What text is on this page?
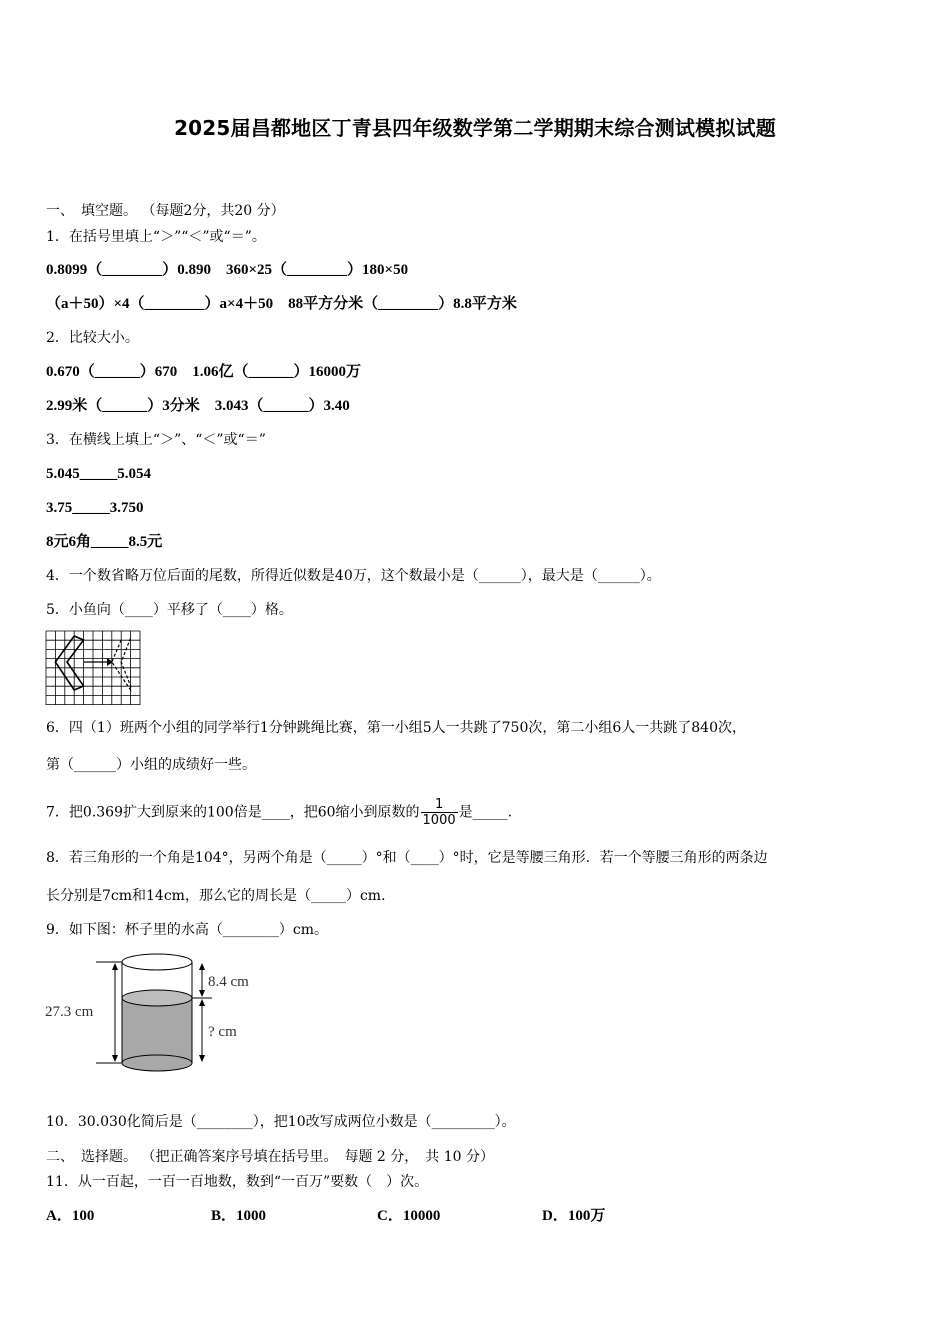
2025届昌都地区丁青县四年级数学第二学期期末综合测试模拟试题
一、　填空题。 （每题2分，共20 分）
1．在括号里填上“＞”“＜”或“＝”。
0.8099（________）0.890　360×25（________）180×50
（a＋50）×4（________）a×4＋50　88平方分米（________）8.8平方米
2．比较大小。
0.670（______）670　1.06亿（______）16000万
2.99米（______）3分米　3.043（______）3.40
3．在横线上填上“＞”、“＜”或“＝”
5.045_____5.054
3.75_____3.750
8元6角_____8.5元
4．一个数省略万位后面的尾数，所得近似数是40万，这个数最小是（______），最大是（______）。
5．小鱼向（____）平移了（____）格。
6．四（1）班两个小组的同学举行1分钟跳绳比赛，第一小组5人一共跳了750次，第二小组6人一共跳了840次，
第（______）小组的成绩好一些。
7．把0.369扩大到原来的100倍是____，把60缩小到原数的 $\frac{1}{1000}$ 是_____.
8．若三角形的一个角是104°，另两个角是（_____）°和（____）°时，它是等腰三角形．若一个等腰三角形的两条边
长分别是7cm和14cm，那么它的周长是（_____）cm．
9．如下图：杯子里的水高（________）cm。
27.3 cm
8.4 cm
? cm
10．30.030化简后是（________），把10改写成两位小数是（_________）。
二、　选择题。 （把正确答案序号填在括号里。　每题 2 分，　共 10 分）
11．从一百起，一百一百地数，数到“一百万”要数（　）次。
A．100	B．1000	C．10000	D．100万
